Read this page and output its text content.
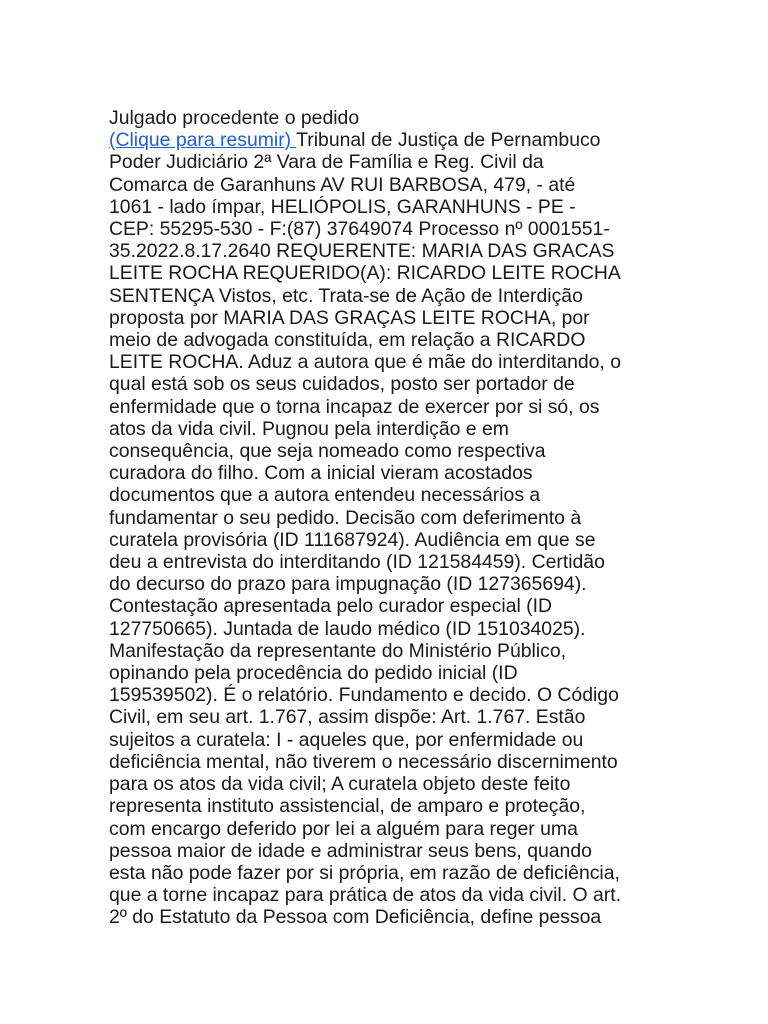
Julgado procedente o pedido
(Clique para resumir) Tribunal de Justiça de Pernambuco
Poder Judiciário 2ª Vara de Família e Reg. Civil da
Comarca de Garanhuns AV RUI BARBOSA, 479, - até
1061 - lado ímpar, HELIÓPOLIS, GARANHUNS - PE -
CEP: 55295-530 - F:(87) 37649074 Processo nº 0001551-
35.2022.8.17.2640 REQUERENTE: MARIA DAS GRACAS
LEITE ROCHA REQUERIDO(A): RICARDO LEITE ROCHA
SENTENÇA Vistos, etc. Trata-se de Ação de Interdição
proposta por MARIA DAS GRAÇAS LEITE ROCHA, por
meio de advogada constituída, em relação a RICARDO
LEITE ROCHA. Aduz a autora que é mãe do interditando, o
qual está sob os seus cuidados, posto ser portador de
enfermidade que o torna incapaz de exercer por si só, os
atos da vida civil. Pugnou pela interdição e em
consequência, que seja nomeado como respectiva
curadora do filho. Com a inicial vieram acostados
documentos que a autora entendeu necessários a
fundamentar o seu pedido. Decisão com deferimento à
curatela provisória (ID 111687924). Audiência em que se
deu a entrevista do interditando (ID 121584459). Certidão
do decurso do prazo para impugnação (ID 127365694).
Contestação apresentada pelo curador especial (ID
127750665). Juntada de laudo médico (ID 151034025).
Manifestação da representante do Ministério Público,
opinando pela procedência do pedido inicial (ID
159539502). É o relatório. Fundamento e decido. O Código
Civil, em seu art. 1.767, assim dispõe: Art. 1.767. Estão
sujeitos a curatela: I - aqueles que, por enfermidade ou
deficiência mental, não tiverem o necessário discernimento
para os atos da vida civil; A curatela objeto deste feito
representa instituto assistencial, de amparo e proteção,
com encargo deferido por lei a alguém para reger uma
pessoa maior de idade e administrar seus bens, quando
esta não pode fazer por si própria, em razão de deficiência,
que a torne incapaz para prática de atos da vida civil. O art.
2º do Estatuto da Pessoa com Deficiência, define pessoa
